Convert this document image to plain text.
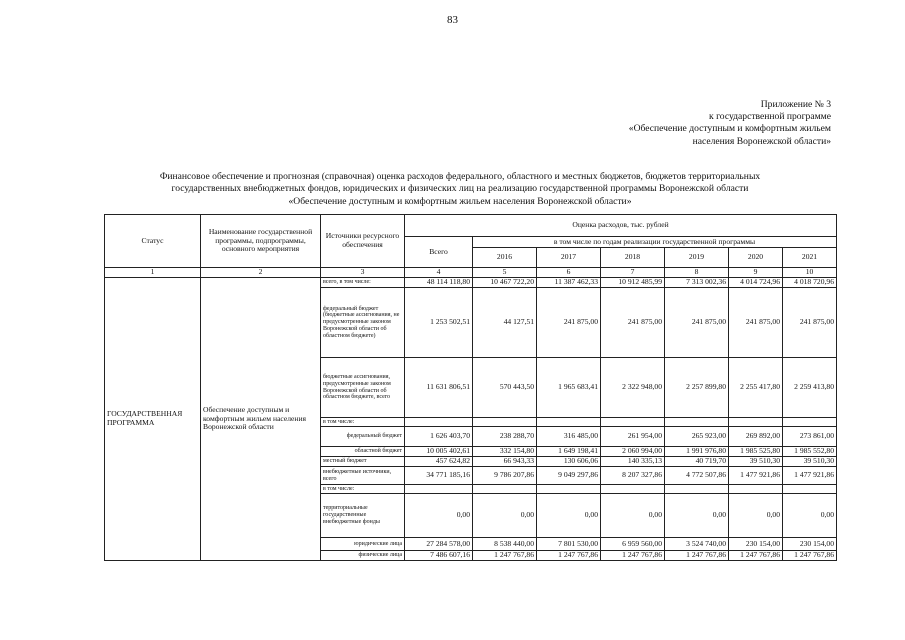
83
Приложение № 3
к государственной программе
«Обеспечение доступным и комфортным жильем
населения Воронежской области»
Финансовое обеспечение и прогнозная (справочная) оценка расходов федерального, областного и местных бюджетов, бюджетов территориальных
государственных внебюджетных фондов, юридических и физических лиц на реализацию государственной программы Воронежской области
«Обеспечение доступным и комфортным жильем населения Воронежской области»
Статус	Наименование государственной программы, подпрограммы, основного мероприятия	Источники ресурсного обеспечения	Оценка расходов, тыс. рублей						
			Всего	в том числе по годам реализации государственной программы					
				2016	2017	2018	2019	2020	2021
1	2	3	4	5	6	7	8	9	10
ГОСУДАРСТВЕННАЯ ПРОГРАММА	Обеспечение доступным и комфортным жильем населения Воронежской области	всего, в том числе:	48 114 118,80	10 467 722,20	11 387 462,33	10 912 485,99	7 313 002,36	4 014 724,96	4 018 720,96
		федеральный бюджет (бюджетные ассигнования, не предусмотренные законом Воронежской области об областном бюджете)	1 253 502,51	44 127,51	241 875,00	241 875,00	241 875,00	241 875,00	241 875,00
		бюджетные ассигнования, предусмотренные законом Воронежской области об областном бюджете, всего	11 631 806,51	570 443,50	1 965 683,41	2 322 948,00	2 257 899,80	2 255 417,80	2 259 413,80
		в том числе:							
		федеральный бюджет	1 626 403,70	238 288,70	316 485,00	261 954,00	265 923,00	269 892,00	273 861,00
		областной бюджет	10 005 402,61	332 154,80	1 649 198,41	2 060 994,00	1 991 976,80	1 985 525,80	1 985 552,80
		местный бюджет	457 624,82	66 943,33	130 606,06	140 335,13	40 719,70	39 510,30	39 510,30
		внебюджетные источники, всего	34 771 185,16	9 786 207,86	9 049 297,86	8 207 327,86	4 772 507,86	1 477 921,86	1 477 921,86
		в том числе:							
		территориальные государственные внебюджетные фонды	0,00	0,00	0,00	0,00	0,00	0,00	0,00
		юридические лица	27 284 578,00	8 538 440,00	7 801 530,00	6 959 560,00	3 524 740,00	230 154,00	230 154,00
		физические лица	7 486 607,16	1 247 767,86	1 247 767,86	1 247 767,86	1 247 767,86	1 247 767,86	1 247 767,86
